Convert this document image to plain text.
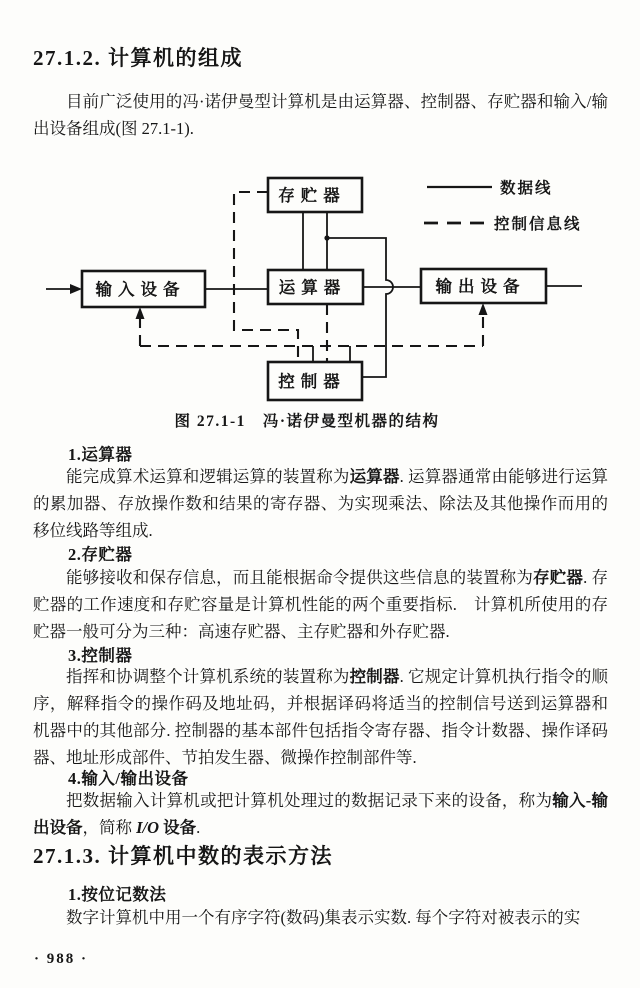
27.1.2. 计算机的组成
目前广泛使用的冯·诺伊曼型计算机是由运算器、控制器、存贮器和输入/输出设备组成(图 27.1-1).
存贮器
输入设备	运算器	输出设备
控制器
数据线
控制信息线
图 27.1-1　冯·诺伊曼型机器的结构
1.运算器
能完成算术运算和逻辑运算的装置称为运算器. 运算器通常由能够进行运算的累加器、存放操作数和结果的寄存器、为实现乘法、除法及其他操作而用的移位线路等组成.
2.存贮器
能够接收和保存信息，而且能根据命令提供这些信息的装置称为存贮器. 存贮器的工作速度和存贮容量是计算机性能的两个重要指标.　计算机所使用的存贮器一般可分为三种：高速存贮器、主存贮器和外存贮器.
3.控制器
指挥和协调整个计算机系统的装置称为控制器. 它规定计算机执行指令的顺序，解释指令的操作码及地址码，并根据译码将适当的控制信号送到运算器和机器中的其他部分. 控制器的基本部件包括指令寄存器、指令计数器、操作译码器、地址形成部件、节拍发生器、微操作控制部件等.
4.输入/输出设备
把数据输入计算机或把计算机处理过的数据记录下来的设备，称为输入-输出设备，简称 I/O 设备.
27.1.3. 计算机中数的表示方法
1.按位记数法
数字计算机中用一个有序字符(数码)集表示实数. 每个字符对被表示的实
· 988 ·
